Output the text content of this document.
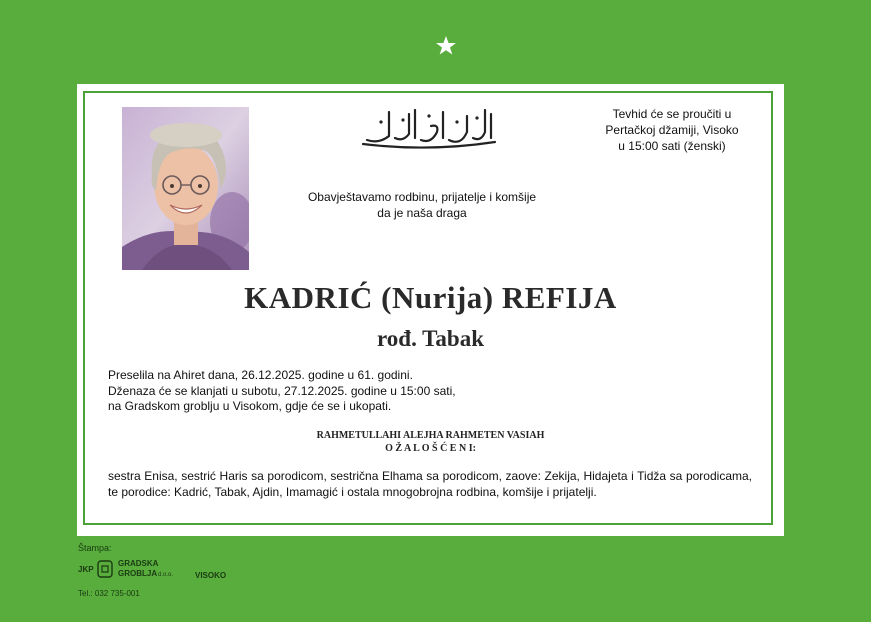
Tevhid će se proučiti u
Pertačkoj džamiji, Visoko
u 15:00 sati (ženski)
Obavještavamo rodbinu, prijatelje i komšije
da je naša draga
KADRIĆ (Nurija) REFIJA
rođ. Tabak
Preselila na Ahiret dana, 26.12.2025. godine u 61. godini.
Dženaza će se klanjati u subotu, 27.12.2025. godine u 15:00 sati,
na Gradskom groblju u Visokom, gdje će se i ukopati.
RAHMETULLAHI ALEJHA RAHMETEN VASIAH
O Ž A L O Š Ć E N I:
sestra Enisa, sestrić Haris sa porodicom, sestrična Elhama sa porodicom, zaove: Zekija, Hidajeta i Tidža sa porodicama, te porodice: Kadrić, Tabak, Ajdin, Imamagić i ostala mnogobrojna rodbina, komšije i prijatelji.
Štampa:
JKP
GRADSKA
GROBLJA d.o.o.	VISOKO
Tel.: 032 735-001
